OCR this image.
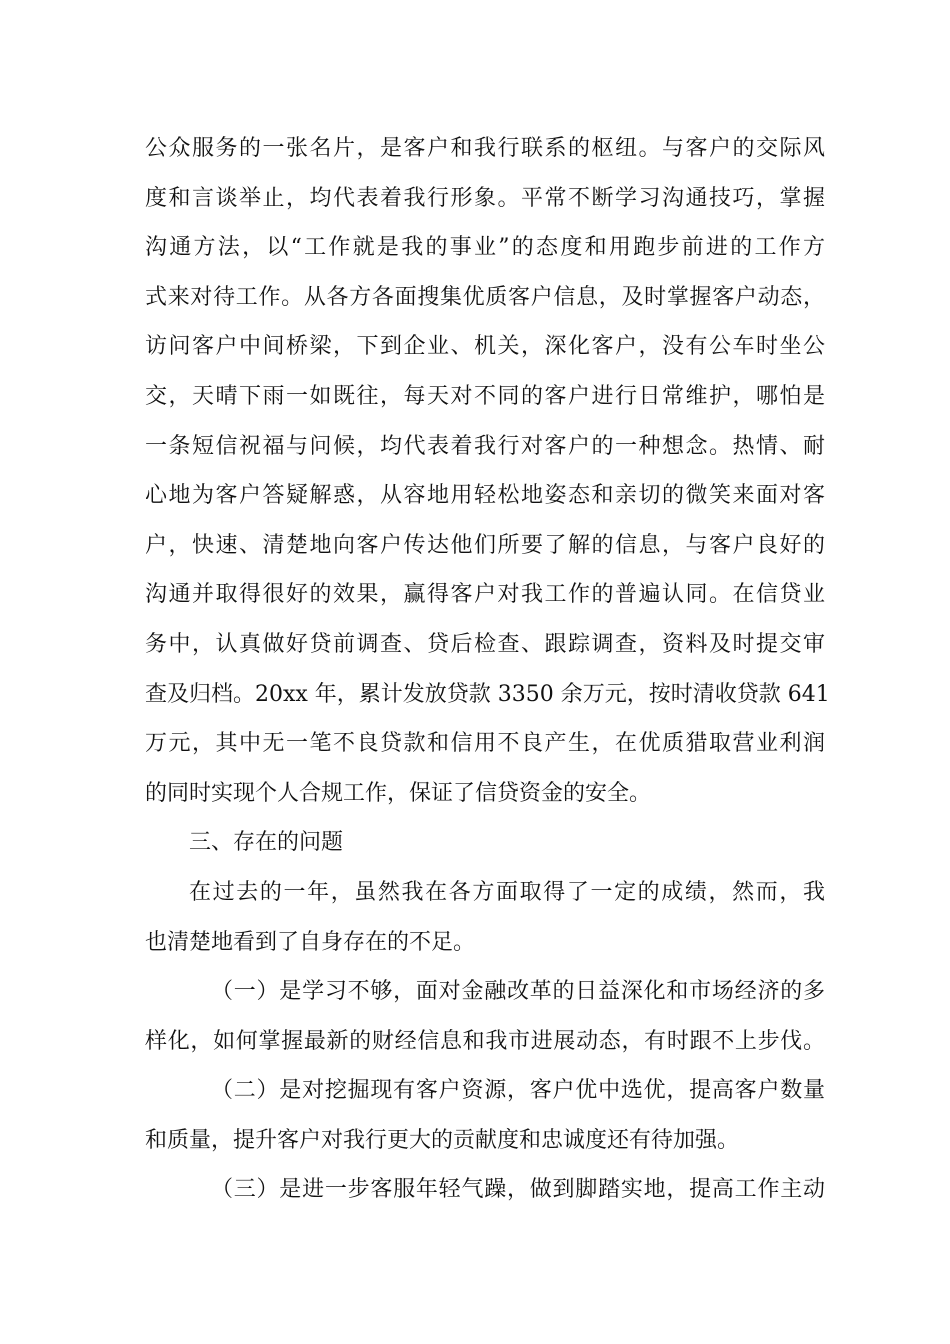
公众服务的一张名片，是客户和我行联系的枢纽。与客户的交际风
度和言谈举止，均代表着我行形象。平常不断学习沟通技巧，掌握
沟通方法，以“工作就是我的事业”的态度和用跑步前进的工作方
式来对待工作。从各方各面搜集优质客户信息，及时掌握客户动态，
访问客户中间桥梁，下到企业、机关，深化客户，没有公车时坐公
交，天晴下雨一如既往，每天对不同的客户进行日常维护，哪怕是
一条短信祝福与问候，均代表着我行对客户的一种想念。热情、耐
心地为客户答疑解惑，从容地用轻松地姿态和亲切的微笑来面对客
户，快速、清楚地向客户传达他们所要了解的信息，与客户良好的
沟通并取得很好的效果，赢得客户对我工作的普遍认同。在信贷业
务中，认真做好贷前调查、贷后检查、跟踪调查，资料及时提交审
查及归档。20xx 年，累计发放贷款 3350 余万元，按时清收贷款 641
万元，其中无一笔不良贷款和信用不良产生，在优质猎取营业利润
的同时实现个人合规工作，保证了信贷资金的安全。
三、存在的问题
在过去的一年，虽然我在各方面取得了一定的成绩，然而，我
也清楚地看到了自身存在的不足。
（一）是学习不够，面对金融改革的日益深化和市场经济的多
样化，如何掌握最新的财经信息和我市进展动态，有时跟不上步伐。
（二）是对挖掘现有客户资源，客户优中选优，提高客户数量
和质量，提升客户对我行更大的贡献度和忠诚度还有待加强。
（三）是进一步客服年轻气躁，做到脚踏实地，提高工作主动
